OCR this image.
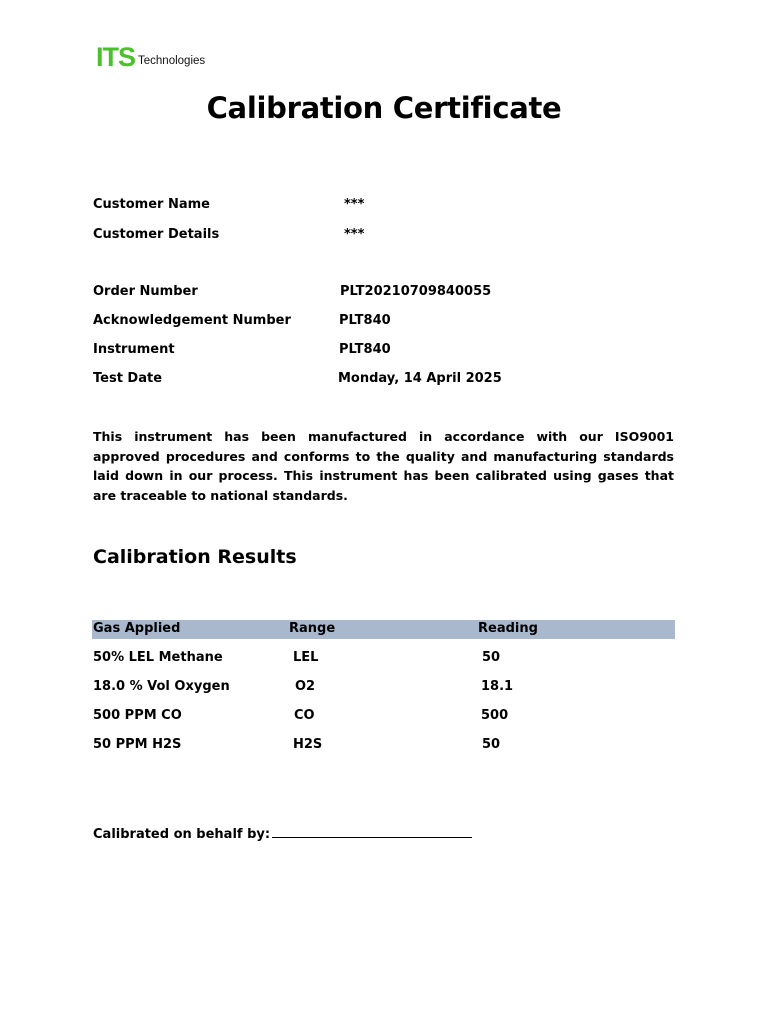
ITS Technologies
Calibration Certificate
Customer Name	***
Customer Details	***
Order Number	PLT20210709840055
Acknowledgement Number	PLT840
Instrument	PLT840
Test Date	Monday, 14 April 2025
This instrument has been manufactured in accordance with our ISO9001 approved procedures and conforms to the quality and manufacturing standards laid down in our process. This instrument has been calibrated using gases that are traceable to national standards.
Calibration Results
Gas Applied	Range	Reading
50% LEL Methane	LEL	50
18.0 % Vol Oxygen	O2	18.1
500 PPM CO	CO	500
50 PPM H2S	H2S	50
Calibrated on behalf by:
